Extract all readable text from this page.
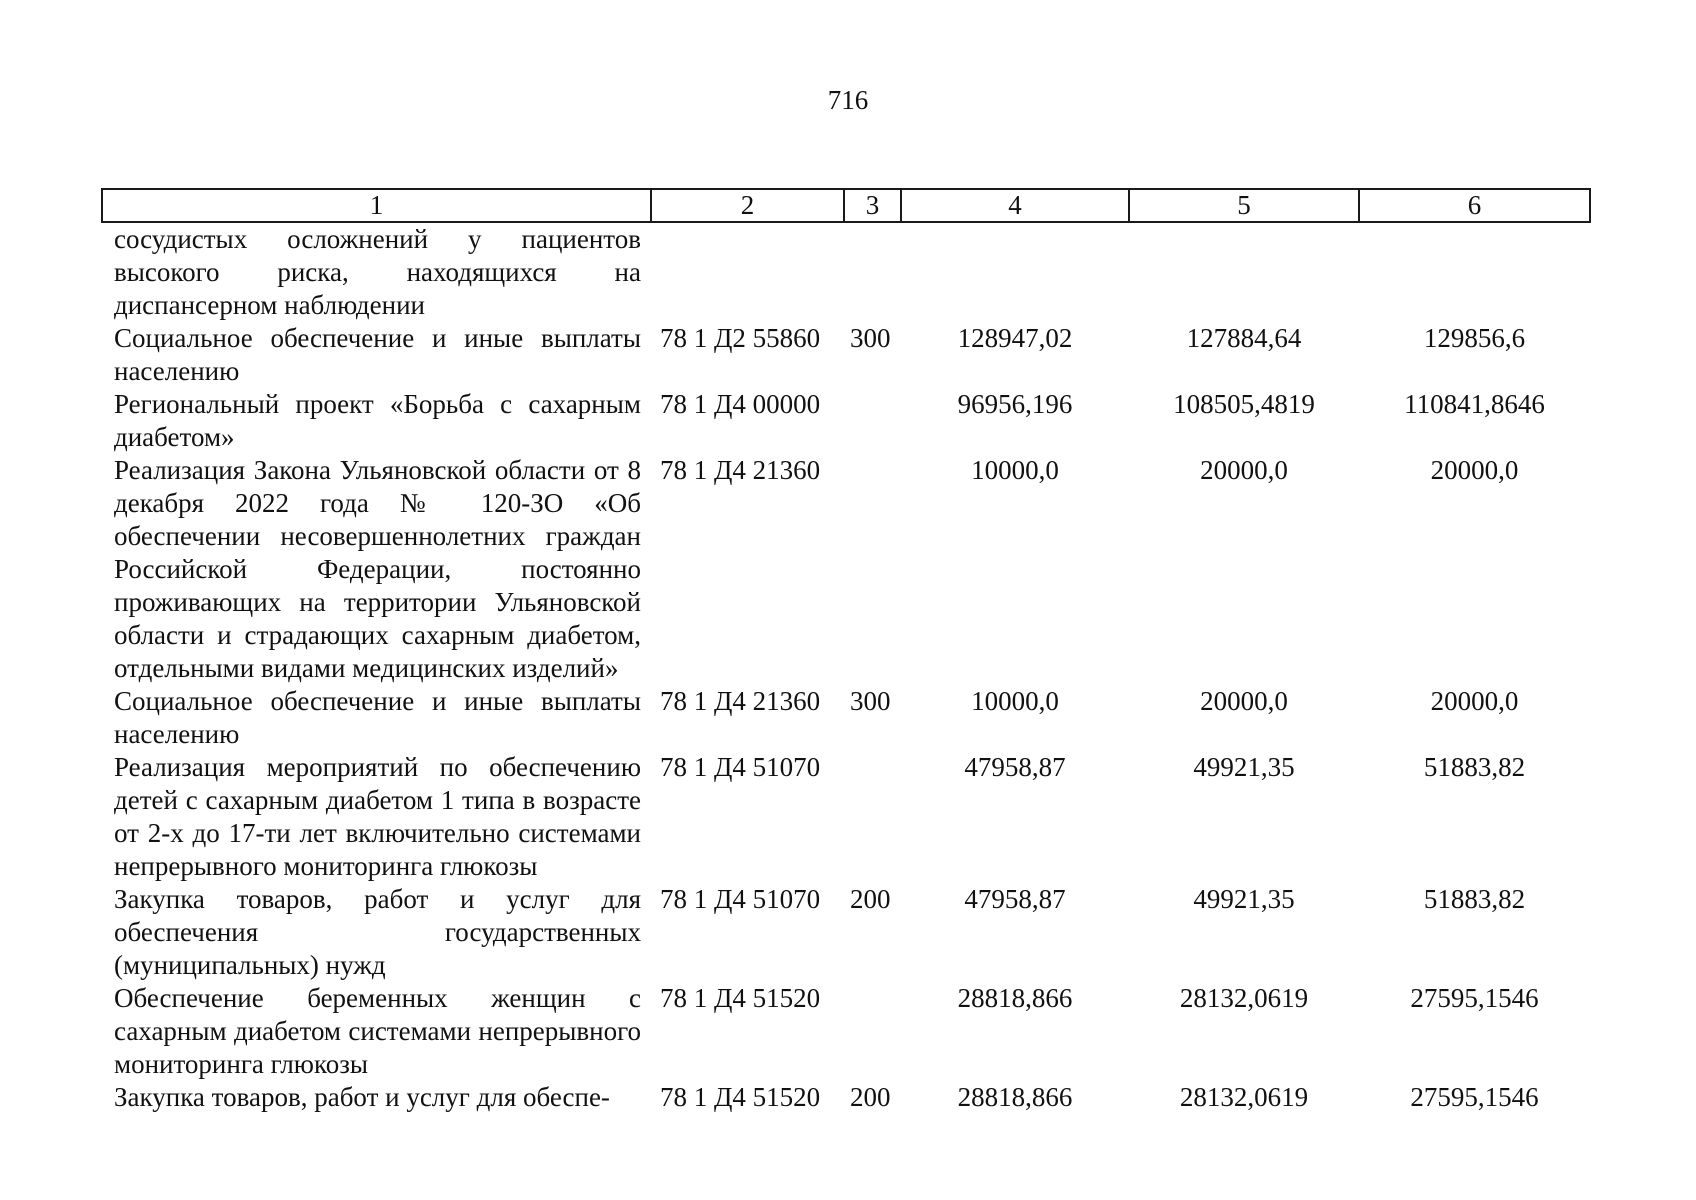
716
1	2	3	4	5	6
сосудистых осложнений у пациентов высокого риска, находящихся на диспансерном наблюдении					
Социальное обеспечение и иные выплаты населению	78 1 Д2 55860	300	128947,02	127884,64	129856,6
Региональный проект «Борьба с сахарным диабетом»	78 1 Д4 00000		96956,196	108505,4819	110841,8646
Реализация Закона Ульяновской области от 8 декабря 2022 года № 120-ЗО «Об обеспечении несовершеннолетних граждан Российской Федерации, постоянно проживающих на территории Ульяновской области и страдающих сахарным диабетом, отдельными видами медицинских изделий»	78 1 Д4 21360		10000,0	20000,0	20000,0
Социальное обеспечение и иные выплаты населению	78 1 Д4 21360	300	10000,0	20000,0	20000,0
Реализация мероприятий по обеспечению детей с сахарным диабетом 1 типа в возрасте от 2-х до 17-ти лет включительно системами непрерывного мониторинга глюкозы	78 1 Д4 51070		47958,87	49921,35	51883,82
Закупка товаров, работ и услуг для обеспечения государственных (муниципальных) нужд	78 1 Д4 51070	200	47958,87	49921,35	51883,82
Обеспечение беременных женщин с сахарным диабетом системами непрерывного мониторинга глюкозы	78 1 Д4 51520		28818,866	28132,0619	27595,1546
Закупка товаров, работ и услуг для обеспе-	78 1 Д4 51520	200	28818,866	28132,0619	27595,1546
